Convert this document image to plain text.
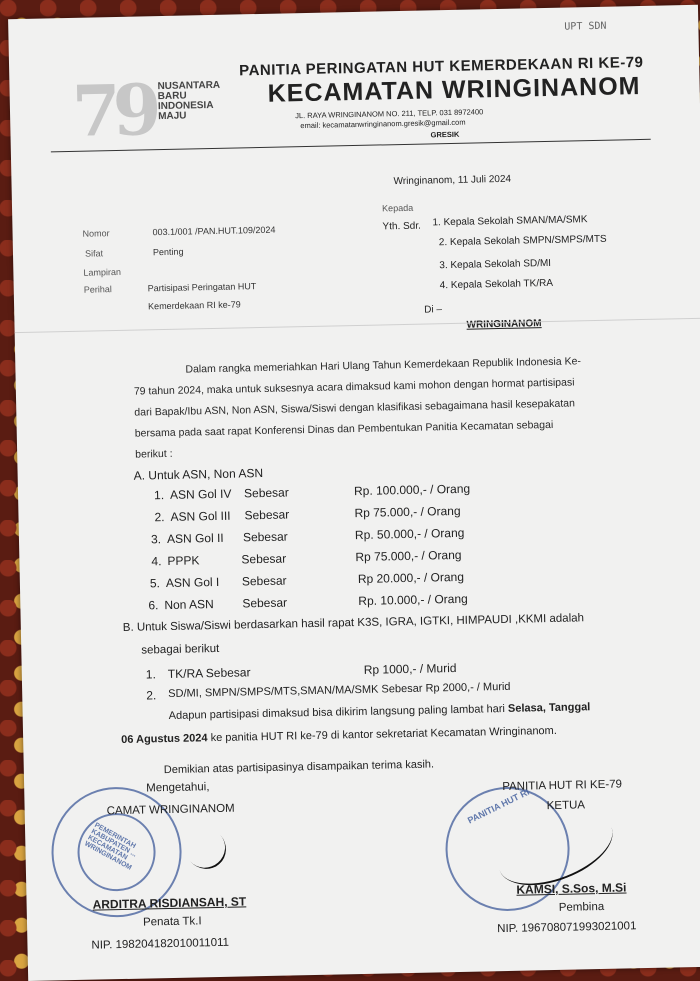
UPT SDN
79 NUSANTARA
BARU
INDONESIA
MAJU
PANITIA PERINGATAN HUT KEMERDEKAAN RI KE-79
KECAMATAN WRINGINANOM
JL. RAYA WRINGINANOM NO. 211, TELP. 031 8972400
email: kecamatanwringinanom.gresik@gmail.com
GRESIK
Wringinanom, 11 Juli 2024
Kepada
Yth. Sdr. 1. Kepala Sekolah SMAN/MA/SMK
2. Kepala Sekolah SMPN/SMPS/MTS
3. Kepala Sekolah SD/MI
4. Kepala Sekolah TK/RA
Di –
WRINGINANOM
Nomor	003.1/001 /PAN.HUT.109/2024
Sifat	Penting
Lampiran
Perihal	Partisipasi Peringatan HUT
Kemerdekaan RI ke-79
Dalam rangka memeriahkan Hari Ulang Tahun Kemerdekaan Republik Indonesia Ke-
79 tahun 2024, maka untuk suksesnya acara dimaksud kami mohon dengan hormat partisipasi
dari Bapak/Ibu ASN, Non ASN, Siswa/Siswi dengan klasifikasi sebagaimana hasil kesepakatan
bersama pada saat rapat Konferensi Dinas dan Pembentukan Panitia Kecamatan sebagai
berikut :
A. Untuk ASN, Non ASN
1. ASN Gol IV Sebesar	Rp. 100.000,- / Orang
2. ASN Gol III Sebesar	Rp 75.000,- / Orang
3. ASN Gol II Sebesar	Rp. 50.000,- / Orang
4. PPPK	Sebesar	Rp 75.000,- / Orang
5. ASN Gol I Sebesar	Rp 20.000,- / Orang
6. Non ASN Sebesar	Rp. 10.000,- / Orang
B. Untuk Siswa/Siswi berdasarkan hasil rapat K3S, IGRA, IGTKI, HIMPAUDI ,KKMI adalah
sebagai berikut
1. TK/RA Sebesar	Rp 1000,- / Murid
2. SD/MI, SMPN/SMPS/MTS,SMAN/MA/SMK Sebesar Rp 2000,- / Murid
Adapun partisipasi dimaksud bisa dikirim langsung paling lambat hari Selasa, Tanggal
06 Agustus 2024 ke panitia HUT RI ke-79 di kantor sekretariat Kecamatan Wringinanom.
Demikian atas partisipasinya disampaikan terima kasih.
PEMERINTAH KABUPATEN ... KECAMATAN WRINGINANOM
Mengetahui,
CAMAT WRINGINANOM
ARDITRA RISDIANSAH, ST
Penata Tk.I
NIP. 198204182010011011
PANITIA HUT RI
PANITIA HUT RI KE-79
KETUA
KAMSI, S.Sos, M.Si
Pembina
NIP. 196708071993021001
